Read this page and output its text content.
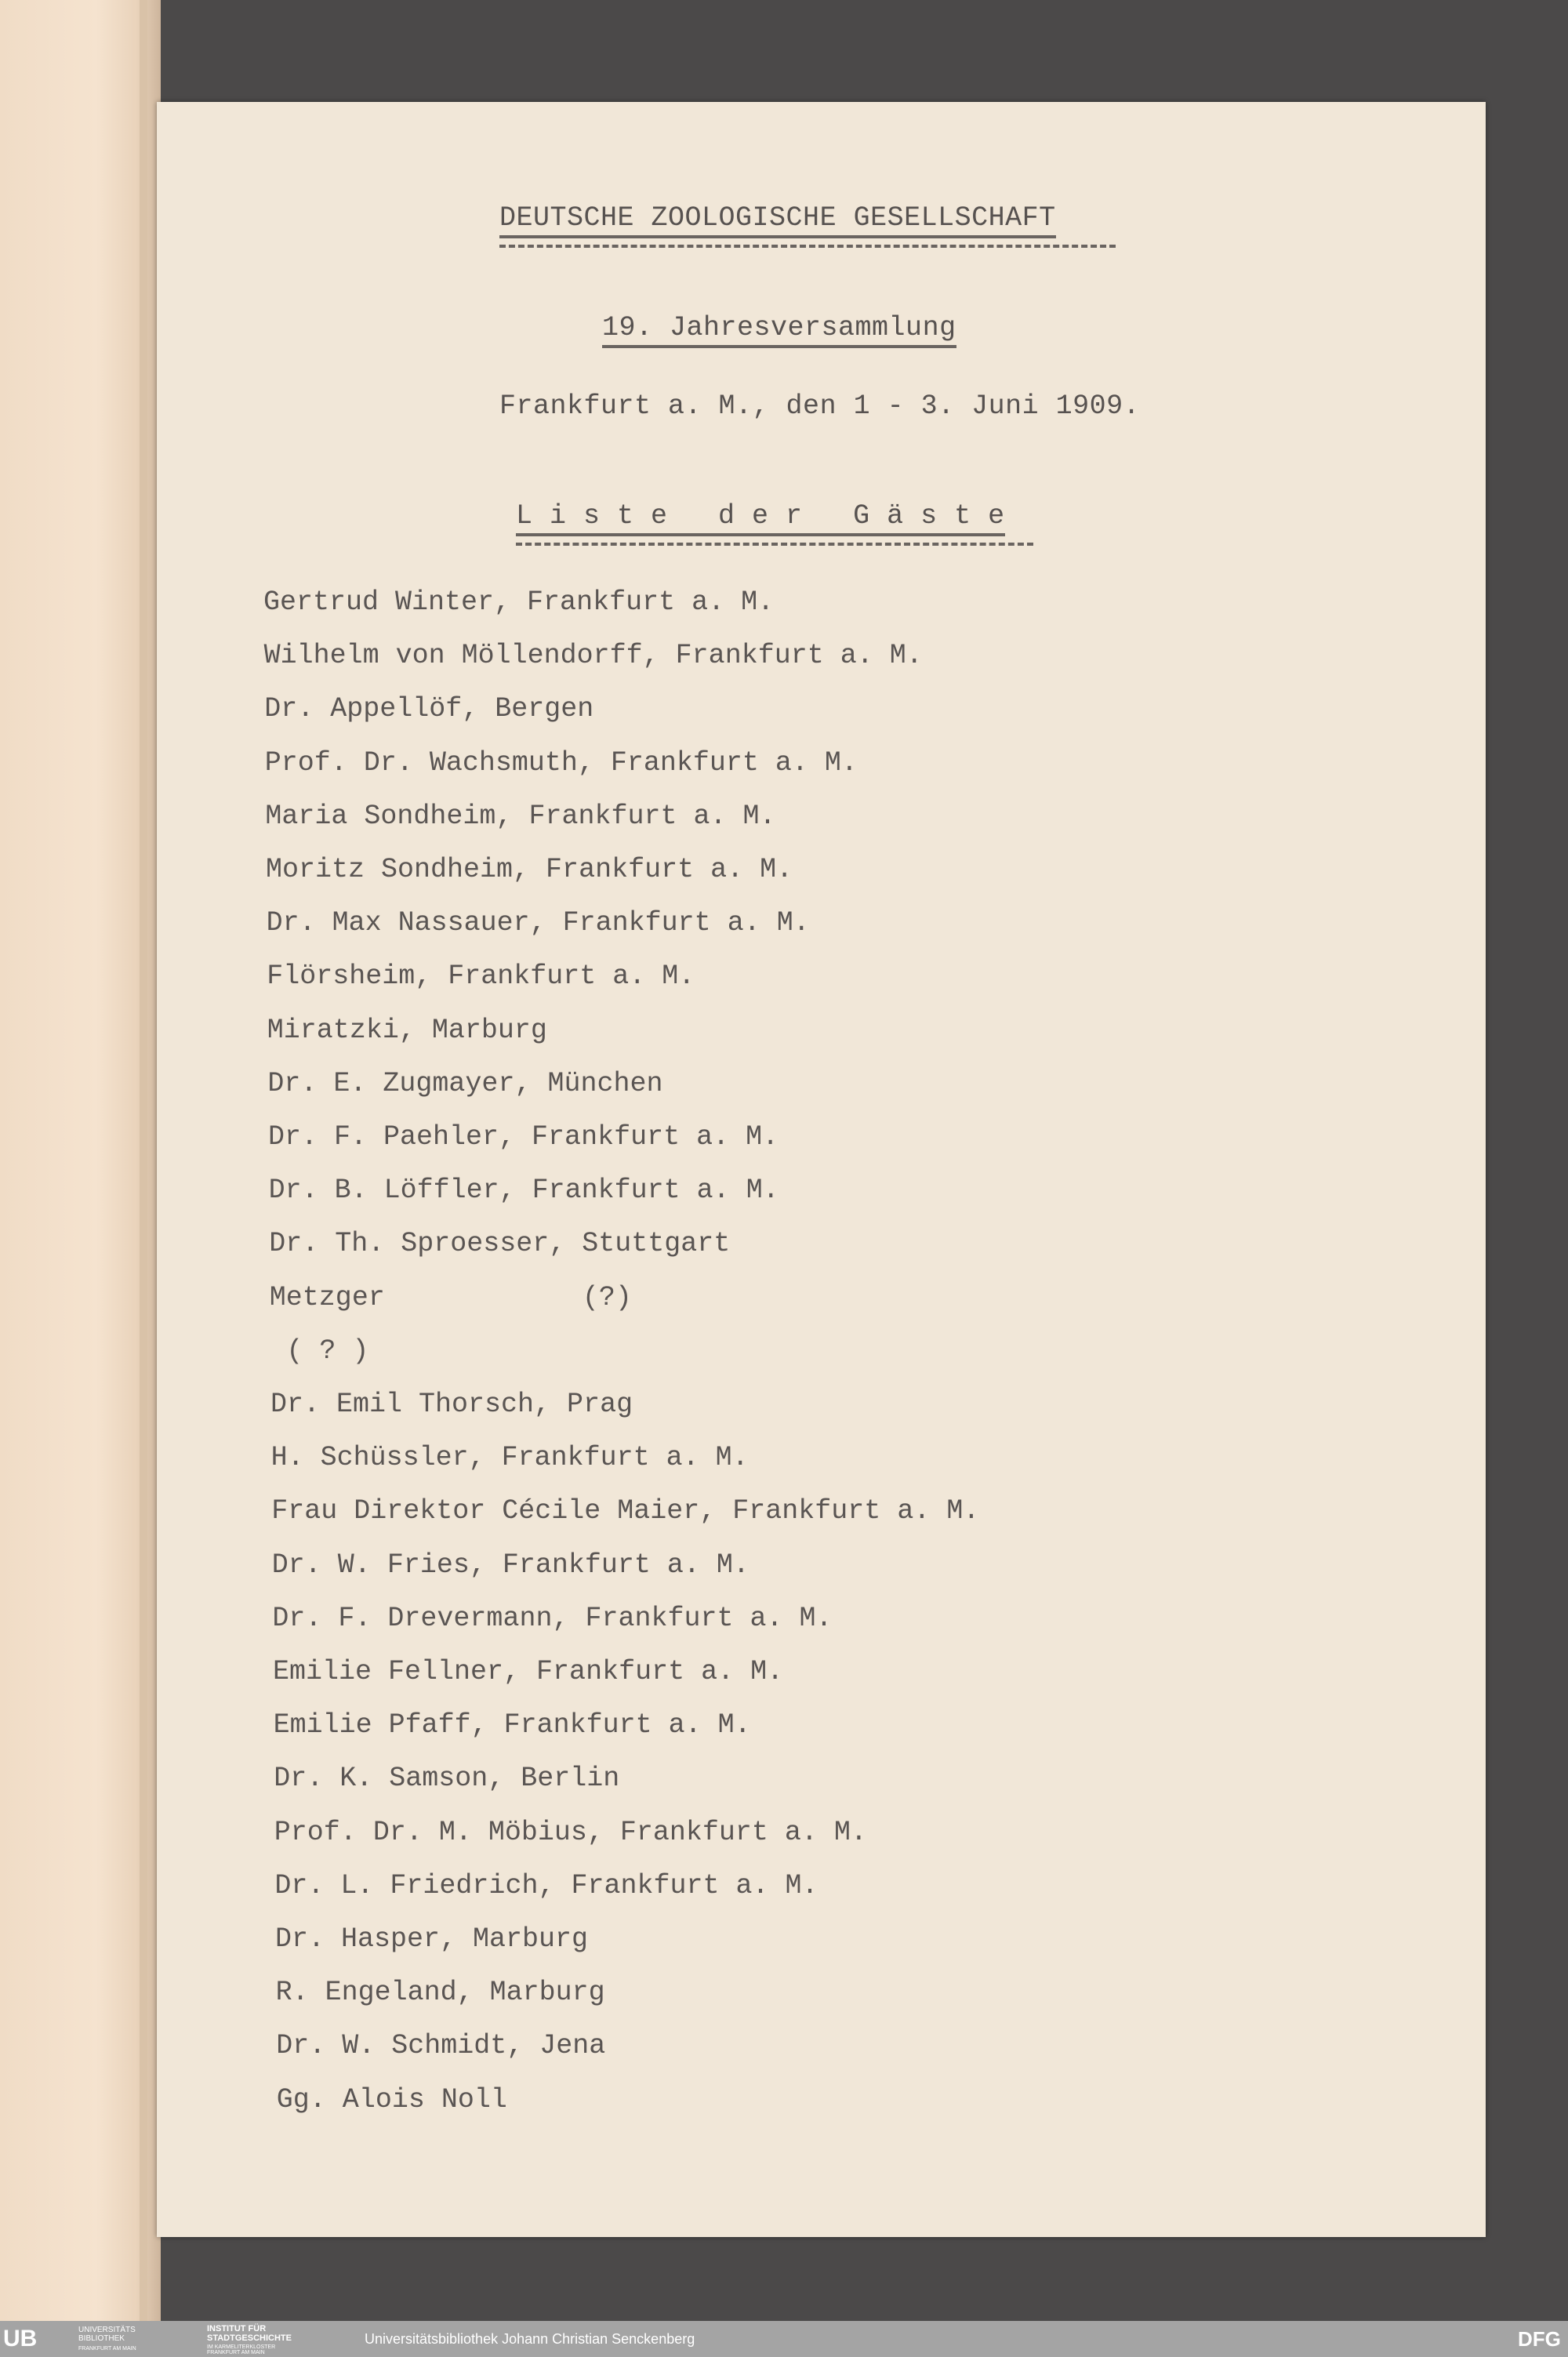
DEUTSCHE ZOOLOGISCHE GESELLSCHAFT
19. Jahresversammlung
Frankfurt a. M., den 1 - 3. Juni 1909.
L i s t e   d e r   G ä s t e
Gertrud Winter, Frankfurt a. M.
Wilhelm von Möllendorff, Frankfurt a. M.
Dr. Appellöf, Bergen
Prof. Dr. Wachsmuth, Frankfurt a. M.
Maria Sondheim, Frankfurt a. M.
Moritz Sondheim, Frankfurt a. M.
Dr. Max Nassauer, Frankfurt a. M.
Flörsheim, Frankfurt a. M.
Miratzki, Marburg
Dr. E. Zugmayer, München
Dr. F. Paehler, Frankfurt a. M.
Dr. B. Löffler, Frankfurt a. M.
Dr. Th. Sproesser, Stuttgart
Metzger            (?)
( ? )
Dr. Emil Thorsch, Prag
H. Schüssler, Frankfurt a. M.
Frau Direktor Cécile Maier, Frankfurt a. M.
Dr. W. Fries, Frankfurt a. M.
Dr. F. Drevermann, Frankfurt a. M.
Emilie Fellner, Frankfurt a. M.
Emilie Pfaff, Frankfurt a. M.
Dr. K. Samson, Berlin
Prof. Dr. M. Möbius, Frankfurt a. M.
Dr. L. Friedrich, Frankfurt a. M.
Dr. Hasper, Marburg
R. Engeland, Marburg
Dr. W. Schmidt, Jena
Gg. Alois Noll
UB	UNIVERSITÄTS BIBLIOTHEK
FRANKFURT AM MAIN
INSTITUT FÜR STADTGESCHICHTE
IM KARMELITERKLOSTER FRANKFURT AM MAIN
Universitätsbibliothek Johann Christian Senckenberg	DFG
